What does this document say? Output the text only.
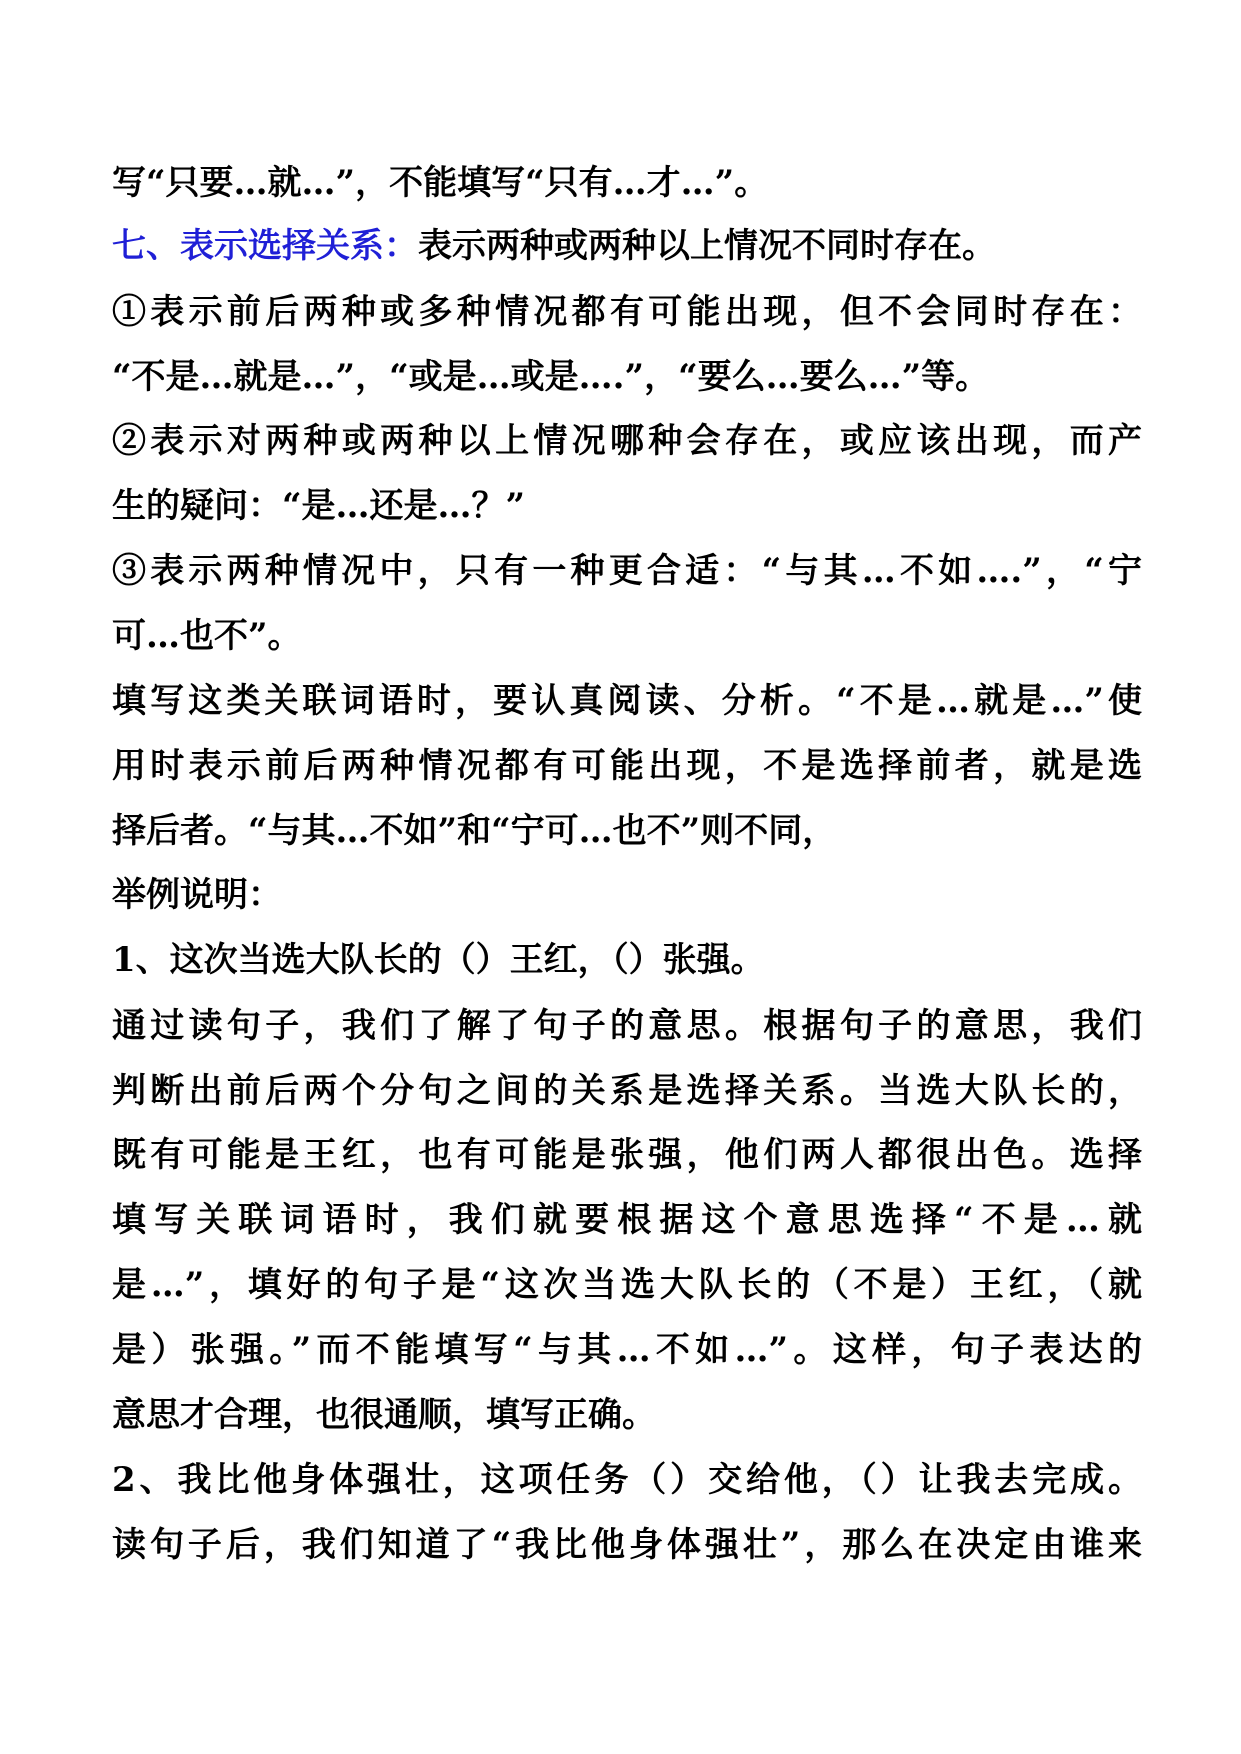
写“只要…就…”，不能填写“只有…才…”。
七、表示选择关系：表示两种或两种以上情况不同时存在。
①表示前后两种或多种情况都有可能出现，但不会同时存在：
“不是…就是…”，“或是…或是….”，“要么…要么…”等。
②表示对两种或两种以上情况哪种会存在，或应该出现，而产
生的疑问：“是…还是…？”
③表示两种情况中，只有一种更合适：“与其…不如….”，“宁
可…也不”。
填写这类关联词语时，要认真阅读、分析。“不是…就是…”使
用时表示前后两种情况都有可能出现，不是选择前者，就是选
择后者。“与其…不如”和“宁可…也不”则不同，
举例说明：
1、这次当选大队长的（）王红，（）张强。
通过读句子，我们了解了句子的意思。根据句子的意思，我们
判断出前后两个分句之间的关系是选择关系。当选大队长的，
既有可能是王红，也有可能是张强，他们两人都很出色。选择
填写关联词语时，我们就要根据这个意思选择“不是…就
是…”，填好的句子是“这次当选大队长的（不是）王红，（就
是）张强。”而不能填写“与其…不如…”。这样，句子表达的
意思才合理，也很通顺，填写正确。
2、我比他身体强壮，这项任务（）交给他，（）让我去完成。
读句子后，我们知道了“我比他身体强壮”，那么在决定由谁来
